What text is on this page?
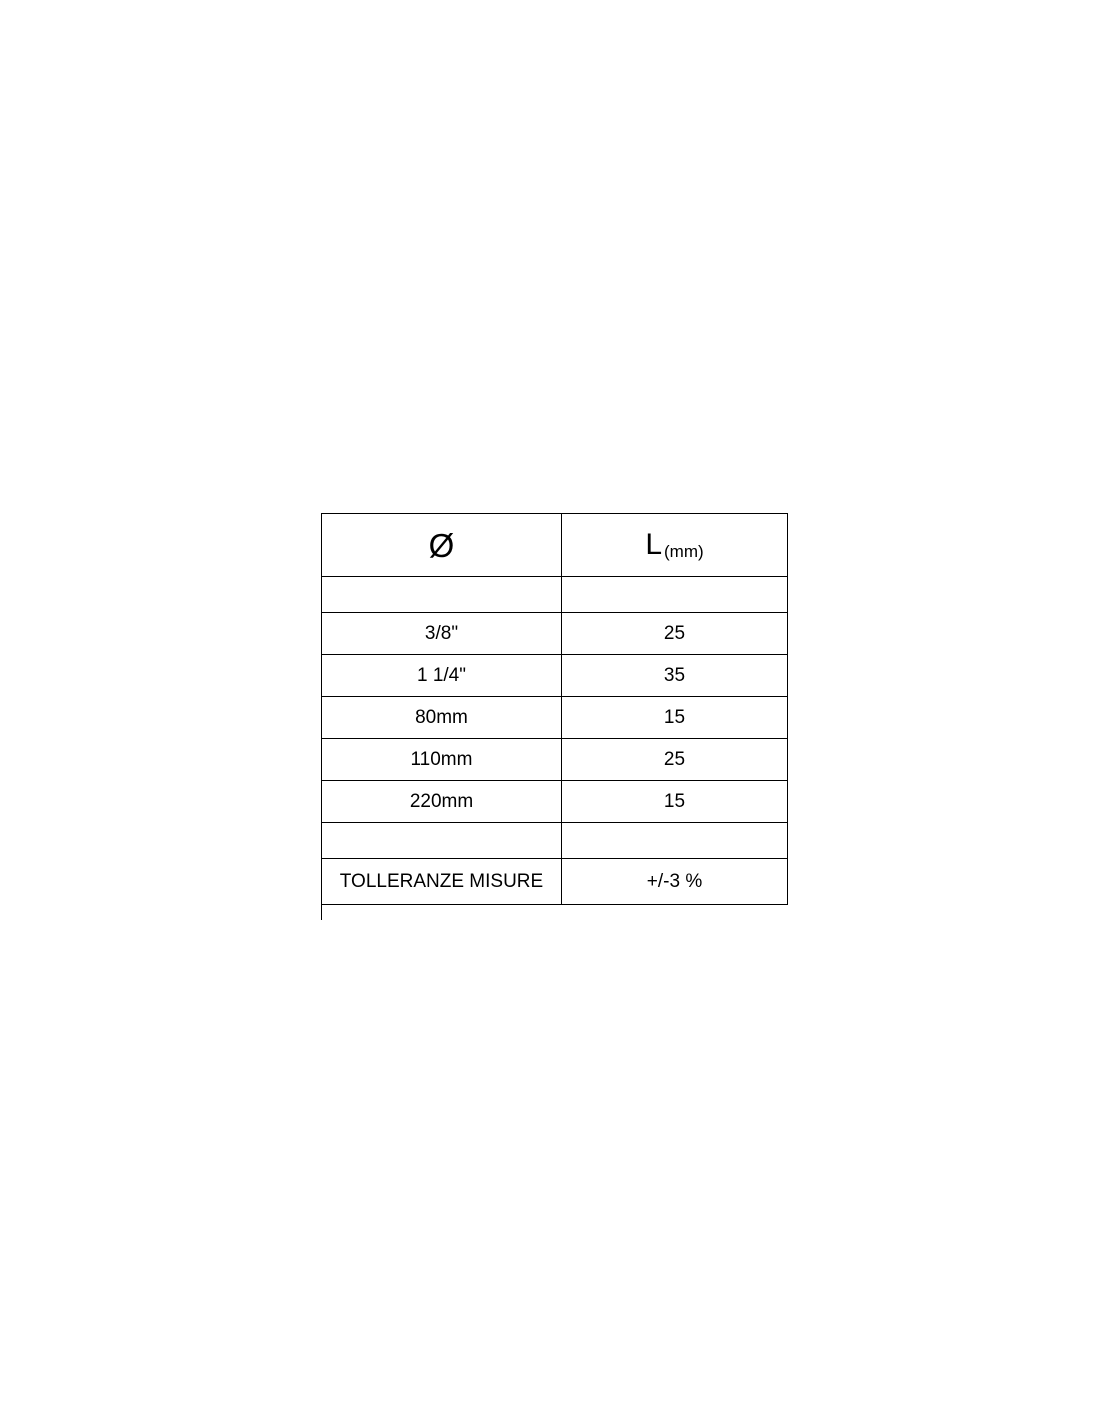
Ø	L (mm)

3/8"	25
1 1/4"	35
80mm	15
110mm	25
220mm	15

TOLLERANZE MISURE	+/-3 %
